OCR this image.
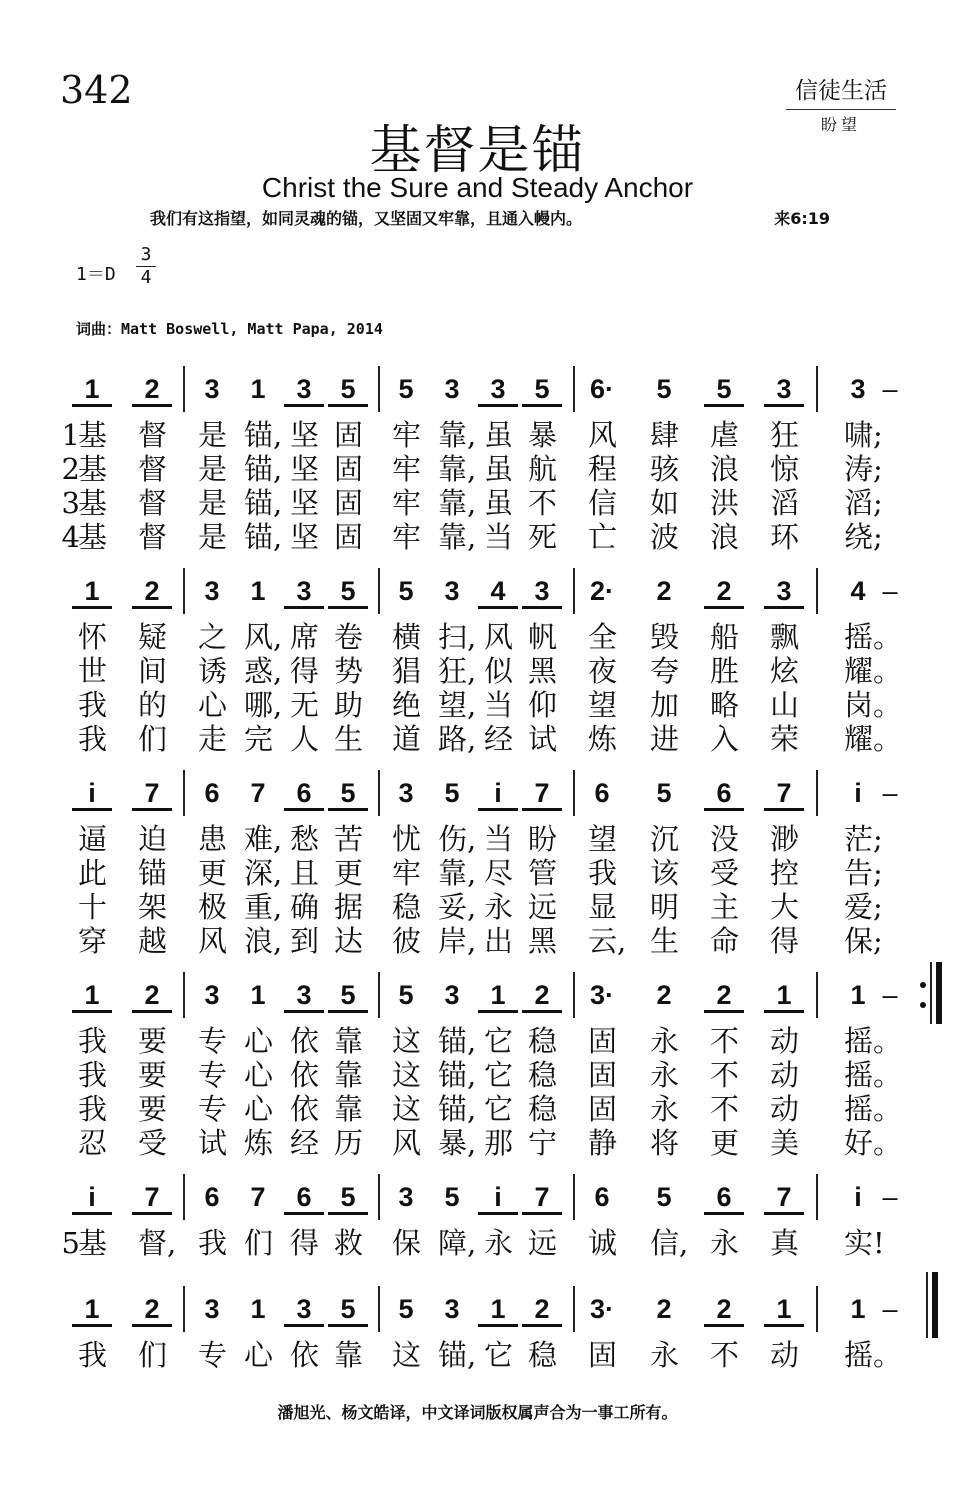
342	信徒生活
盼望
基督是锚
Christ the Sure and Steady Anchor
我们有这指望，如同灵魂的锚，又坚固又牢靠，且通入幔内。	来6:19
1＝D
3
4
词曲：Matt Boswell, Matt Papa, 2014
1	2	3	1	3	5	5	3	3	5	6·	5	5	3	3 –
1
基	督	是 锚, 坚 固 牢 靠, 虽 暴	风	肆	虐	狂	啸;
2
基	督	是 锚, 坚 固 牢 靠, 虽 航	程	骇	浪	惊	涛;
3
基	督	是 锚, 坚 固 牢 靠, 虽 不	信	如	洪	滔	滔;
4
基	督	是 锚, 坚 固 牢 靠, 当 死	亡	波	浪	环	绕;
1	2	3	1	3	5	5	3	4	3	2·	2	2	3	4 –
怀	疑	之 风, 席 卷 横 扫, 风 帆	全	毁	船	飘	摇。
世	间	诱 惑, 得 势 猖 狂, 似 黑	夜	夸	胜	炫	耀。
我	的	心 哪, 无 助 绝 望, 当 仰	望	加	略	山	岗。
我	们	走 完 人 生 道 路, 经 试	炼	进	入	荣	耀。
i	7	6	7	6	5	3	5	i	7	6	5	6	7	i –
逼	迫	患 难, 愁 苦 忧 伤, 当 盼	望	沉	没	渺	茫;
此	锚	更 深, 且 更 牢 靠, 尽 管	我	该	受	控	告;
十	架	极 重, 确 据 稳 妥, 永 远	显	明	主	大	爱;
穿	越	风 浪, 到 达 彼 岸, 出 黑	云, 生	命	得	保;
1	2	3	1	3	5	5	3	1	2	3·	2	2	1	1 –
我	要	专 心 依 靠 这 锚, 它 稳	固	永	不	动	摇。
我	要	专 心 依 靠 这 锚, 它 稳	固	永	不	动	摇。
我	要	专 心 依 靠 这 锚, 它 稳	固	永	不	动	摇。
忍	受	试 炼 经 历 风 暴, 那 宁	静	将	更	美	好。
i	7	6	7	6	5	3	5	i	7	6	5	6	7	i –
5
基	督, 我 们 得 救 保 障, 永 远	诚	信, 永	真	实!
1	2	3	1	3	5	5	3	1	2	3·	2	2	1	1 –
我	们	专 心 依 靠 这 锚, 它 稳	固	永	不	动	摇。
潘旭光、杨文皓译，中文译词版权属声合为一事工所有。
